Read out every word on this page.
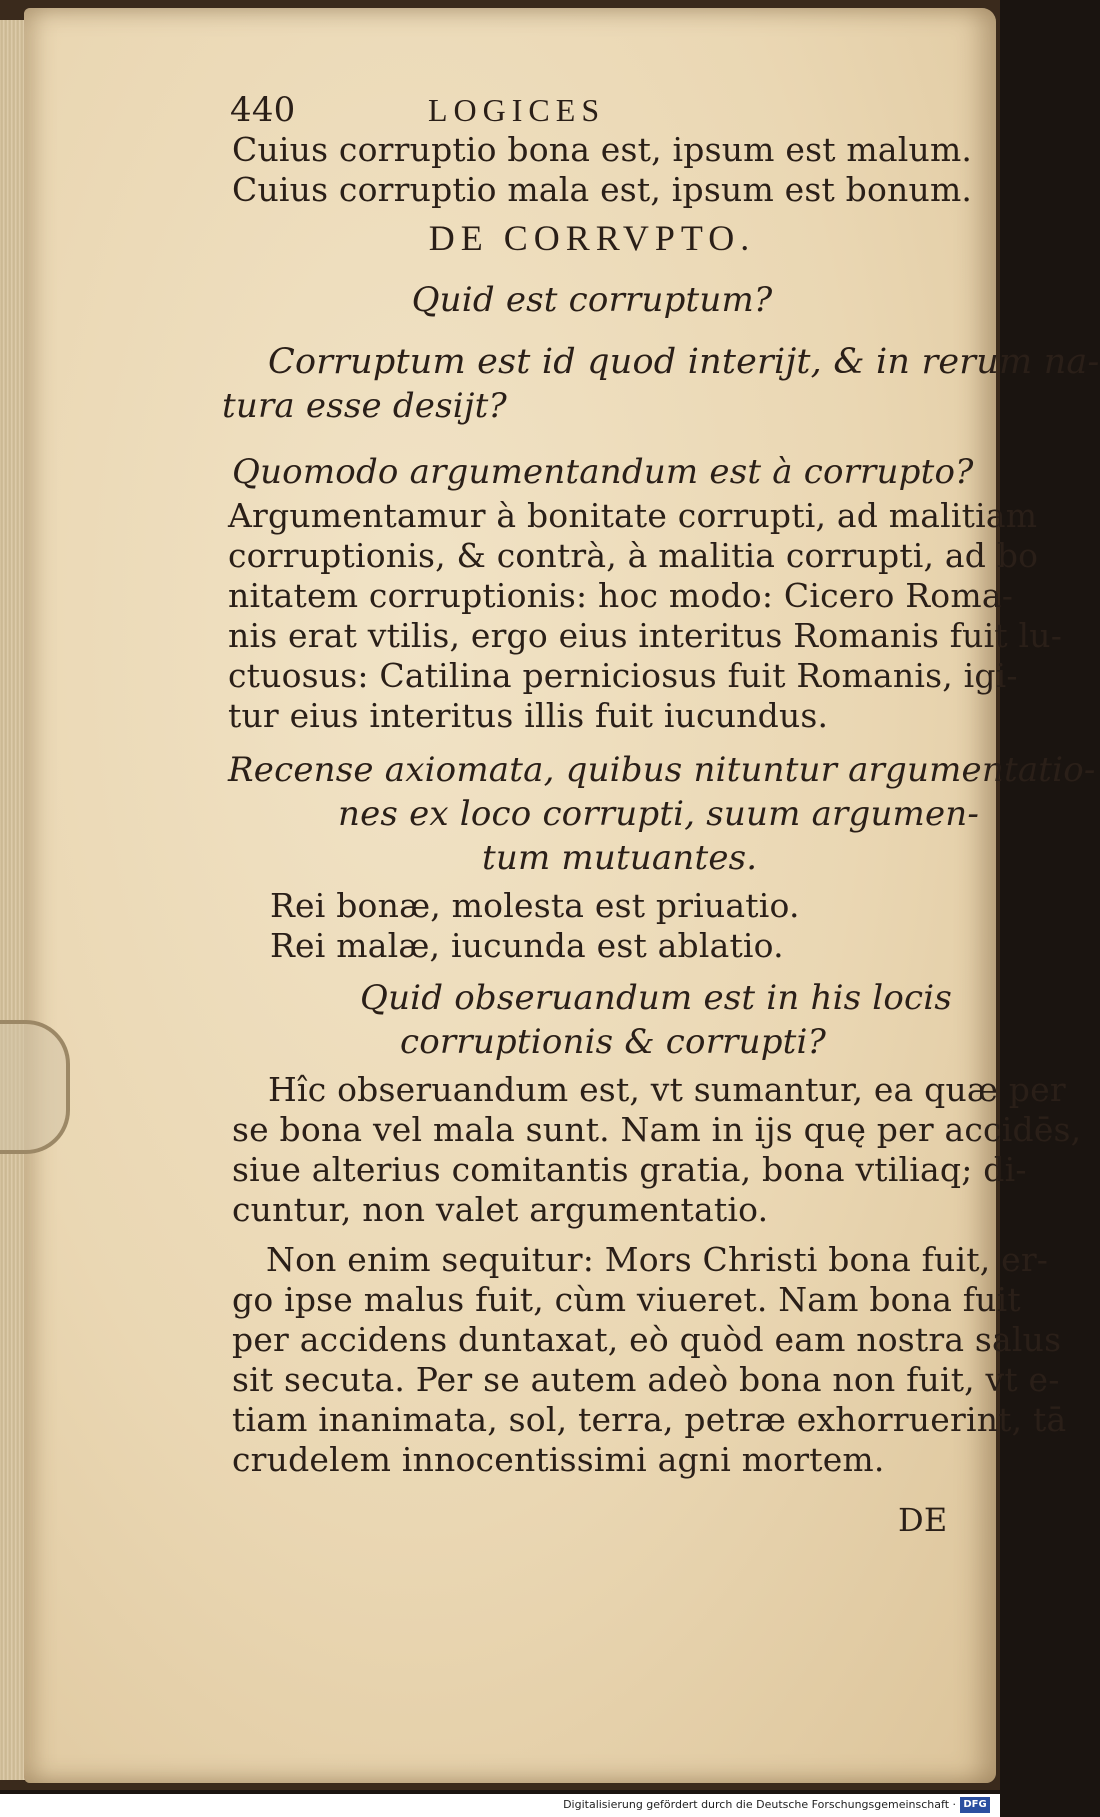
440	LOGICES
Cuius corruptio bona est, ipsum est malum.
Cuius corruptio mala est, ipsum est bonum.
DE CORRVPTO.
Quid est corruptum?
Corruptum est id quod interijt, & in rerum na-
tura esse desijt?
Quomodo argumentandum est à corrupto?
Argumentamur à bonitate corrupti, ad malitiam
corruptionis, & contrà, à malitia corrupti, ad bo
nitatem corruptionis: hoc modo: Cicero Roma-
nis erat vtilis, ergo eius interitus Romanis fuit lu-
ctuosus: Catilina perniciosus fuit Romanis, igi-
tur eius interitus illis fuit iucundus.
Recense axiomata, quibus nituntur argumentatio-
nes ex loco corrupti, suum argumen-
tum mutuantes.
Rei bonæ, molesta est priuatio.
Rei malæ, iucunda est ablatio.
Quid obseruandum est in his locis
corruptionis & corrupti?
Hîc obseruandum est, vt sumantur, ea quæ per
se bona vel mala sunt. Nam in ijs quę per accidēs,
siue alterius comitantis gratia, bona vtiliaq; di-
cuntur, non valet argumentatio.
Non enim sequitur: Mors Christi bona fuit, er-
go ipse malus fuit, cùm viueret. Nam bona fuit
per accidens duntaxat, eò quòd eam nostra salus
sit secuta. Per se autem adeò bona non fuit, vt e-
tiam inanimata, sol, terra, petræ exhorruerint, tā
crudelem innocentissimi agni mortem.
DE
Digitalisierung gefördert durch die Deutsche Forschungsgemeinschaft · DFG
